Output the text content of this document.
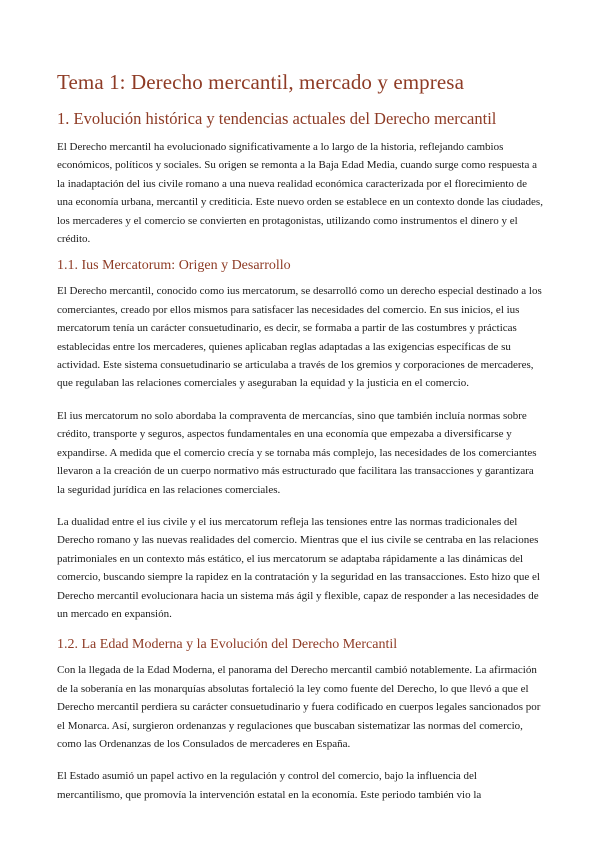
Tema 1: Derecho mercantil, mercado y empresa
1. Evolución histórica y tendencias actuales del Derecho mercantil

El Derecho mercantil ha evolucionado significativamente a lo largo de la historia, reflejando cambios económicos, políticos y sociales. Su origen se remonta a la Baja Edad Media, cuando surge como respuesta a la inadaptación del ius civile romano a una nueva realidad económica caracterizada por el florecimiento de una economía urbana, mercantil y crediticia. Este nuevo orden se establece en un contexto donde las ciudades, los mercaderes y el comercio se convierten en protagonistas, utilizando como instrumentos el dinero y el crédito.

1.1. Ius Mercatorum: Origen y Desarrollo

El Derecho mercantil, conocido como ius mercatorum, se desarrolló como un derecho especial destinado a los comerciantes, creado por ellos mismos para satisfacer las necesidades del comercio. En sus inicios, el ius mercatorum tenía un carácter consuetudinario, es decir, se formaba a partir de las costumbres y prácticas establecidas entre los mercaderes, quienes aplicaban reglas adaptadas a las exigencias específicas de su actividad. Este sistema consuetudinario se articulaba a través de los gremios y corporaciones de mercaderes, que regulaban las relaciones comerciales y aseguraban la equidad y la justicia en el comercio.

El ius mercatorum no solo abordaba la compraventa de mercancías, sino que también incluía normas sobre crédito, transporte y seguros, aspectos fundamentales en una economía que empezaba a diversificarse y expandirse. A medida que el comercio crecía y se tornaba más complejo, las necesidades de los comerciantes llevaron a la creación de un cuerpo normativo más estructurado que facilitara las transacciones y garantizara la seguridad jurídica en las relaciones comerciales.

La dualidad entre el ius civile y el ius mercatorum refleja las tensiones entre las normas tradicionales del Derecho romano y las nuevas realidades del comercio. Mientras que el ius civile se centraba en las relaciones patrimoniales en un contexto más estático, el ius mercatorum se adaptaba rápidamente a las dinámicas del comercio, buscando siempre la rapidez en la contratación y la seguridad en las transacciones. Esto hizo que el Derecho mercantil evolucionara hacia un sistema más ágil y flexible, capaz de responder a las necesidades de un mercado en expansión.

1.2. La Edad Moderna y la Evolución del Derecho Mercantil

Con la llegada de la Edad Moderna, el panorama del Derecho mercantil cambió notablemente. La afirmación de la soberanía en las monarquías absolutas fortaleció la ley como fuente del Derecho, lo que llevó a que el Derecho mercantil perdiera su carácter consuetudinario y fuera codificado en cuerpos legales sancionados por el Monarca. Así, surgieron ordenanzas y regulaciones que buscaban sistematizar las normas del comercio, como las Ordenanzas de los Consulados de mercaderes en España.

El Estado asumió un papel activo en la regulación y control del comercio, bajo la influencia del mercantilismo, que promovía la intervención estatal en la economía. Este periodo también vio la
